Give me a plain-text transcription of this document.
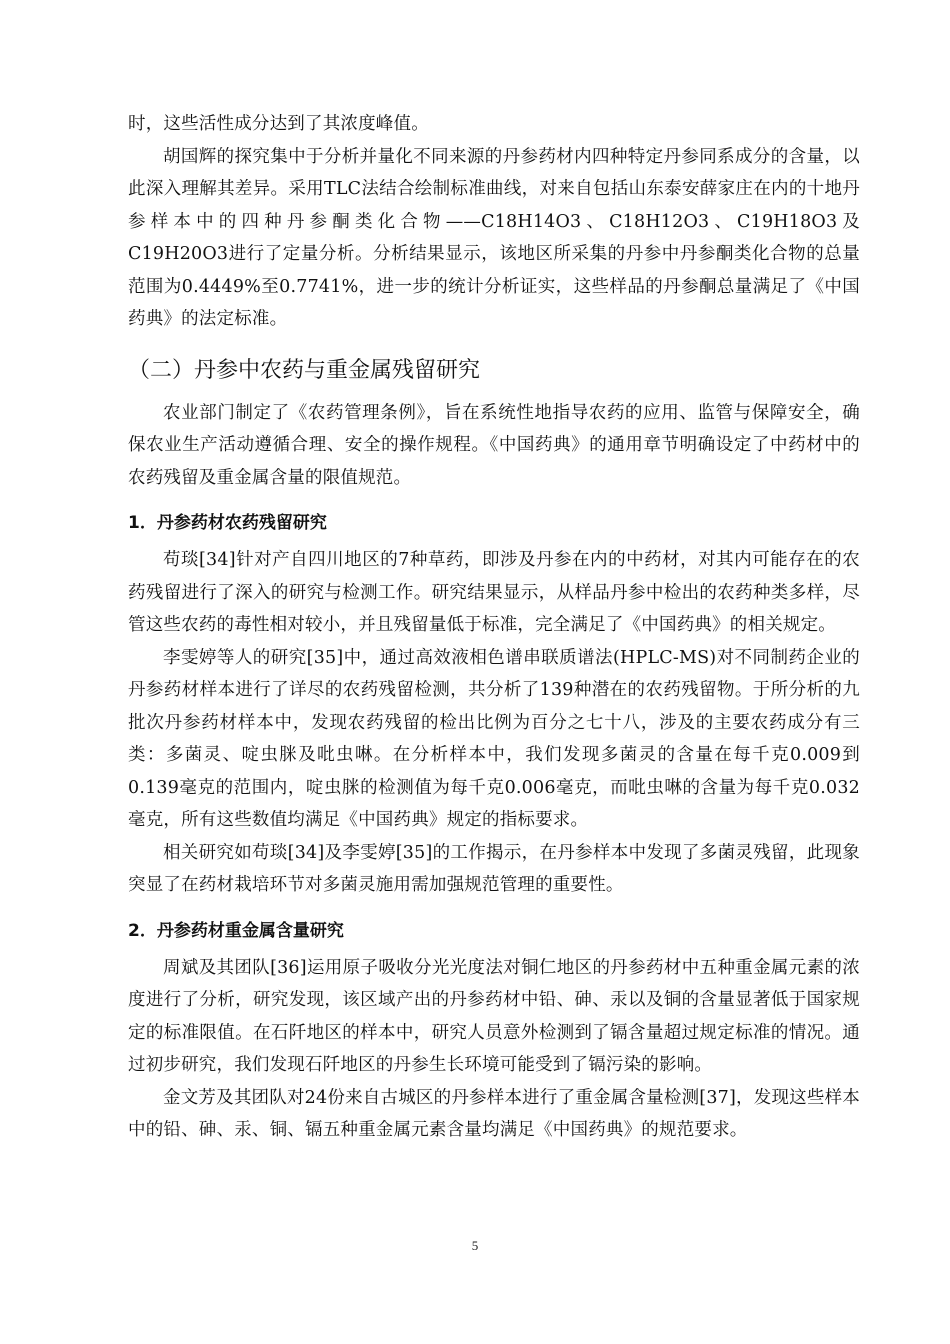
时，这些活性成分达到了其浓度峰值。

胡国辉的探究集中于分析并量化不同来源的丹参药材内四种特定丹参同系成分的含量，以此深入理解其差异。采用TLC法结合绘制标准曲线，对来自包括山东泰安薛家庄在内的十地丹参样本中的四种丹参酮类化合物——C18H14O3、C18H12O3、C19H18O3及C19H20O3进行了定量分析。分析结果显示，该地区所采集的丹参中丹参酮类化合物的总量范围为0.4449%至0.7741%，进一步的统计分析证实，这些样品的丹参酮总量满足了《中国药典》的法定标准。

（二）丹参中农药与重金属残留研究

农业部门制定了《农药管理条例》，旨在系统性地指导农药的应用、监管与保障安全，确保农业生产活动遵循合理、安全的操作规程。《中国药典》的通用章节明确设定了中药材中的农药残留及重金属含量的限值规范。

1．丹参药材农药残留研究

苟琰[34]针对产自四川地区的7种草药，即涉及丹参在内的中药材，对其内可能存在的农药残留进行了深入的研究与检测工作。研究结果显示，从样品丹参中检出的农药种类多样，尽管这些农药的毒性相对较小，并且残留量低于标准，完全满足了《中国药典》的相关规定。

李雯婷等人的研究[35]中，通过高效液相色谱串联质谱法(HPLC-MS)对不同制药企业的丹参药材样本进行了详尽的农药残留检测，共分析了139种潜在的农药残留物。于所分析的九批次丹参药材样本中，发现农药残留的检出比例为百分之七十八，涉及的主要农药成分有三类：多菌灵、啶虫脒及吡虫啉。在分析样本中，我们发现多菌灵的含量在每千克0.009到0.139毫克的范围内，啶虫脒的检测值为每千克0.006毫克，而吡虫啉的含量为每千克0.032毫克，所有这些数值均满足《中国药典》规定的指标要求。

相关研究如苟琰[34]及李雯婷[35]的工作揭示，在丹参样本中发现了多菌灵残留，此现象突显了在药材栽培环节对多菌灵施用需加强规范管理的重要性。

2．丹参药材重金属含量研究

周斌及其团队[36]运用原子吸收分光光度法对铜仁地区的丹参药材中五种重金属元素的浓度进行了分析，研究发现，该区域产出的丹参药材中铅、砷、汞以及铜的含量显著低于国家规定的标准限值。在石阡地区的样本中，研究人员意外检测到了镉含量超过规定标准的情况。通过初步研究，我们发现石阡地区的丹参生长环境可能受到了镉污染的影响。

金文芳及其团队对24份来自古城区的丹参样本进行了重金属含量检测[37]，发现这些样本中的铅、砷、汞、铜、镉五种重金属元素含量均满足《中国药典》的规范要求。

5
